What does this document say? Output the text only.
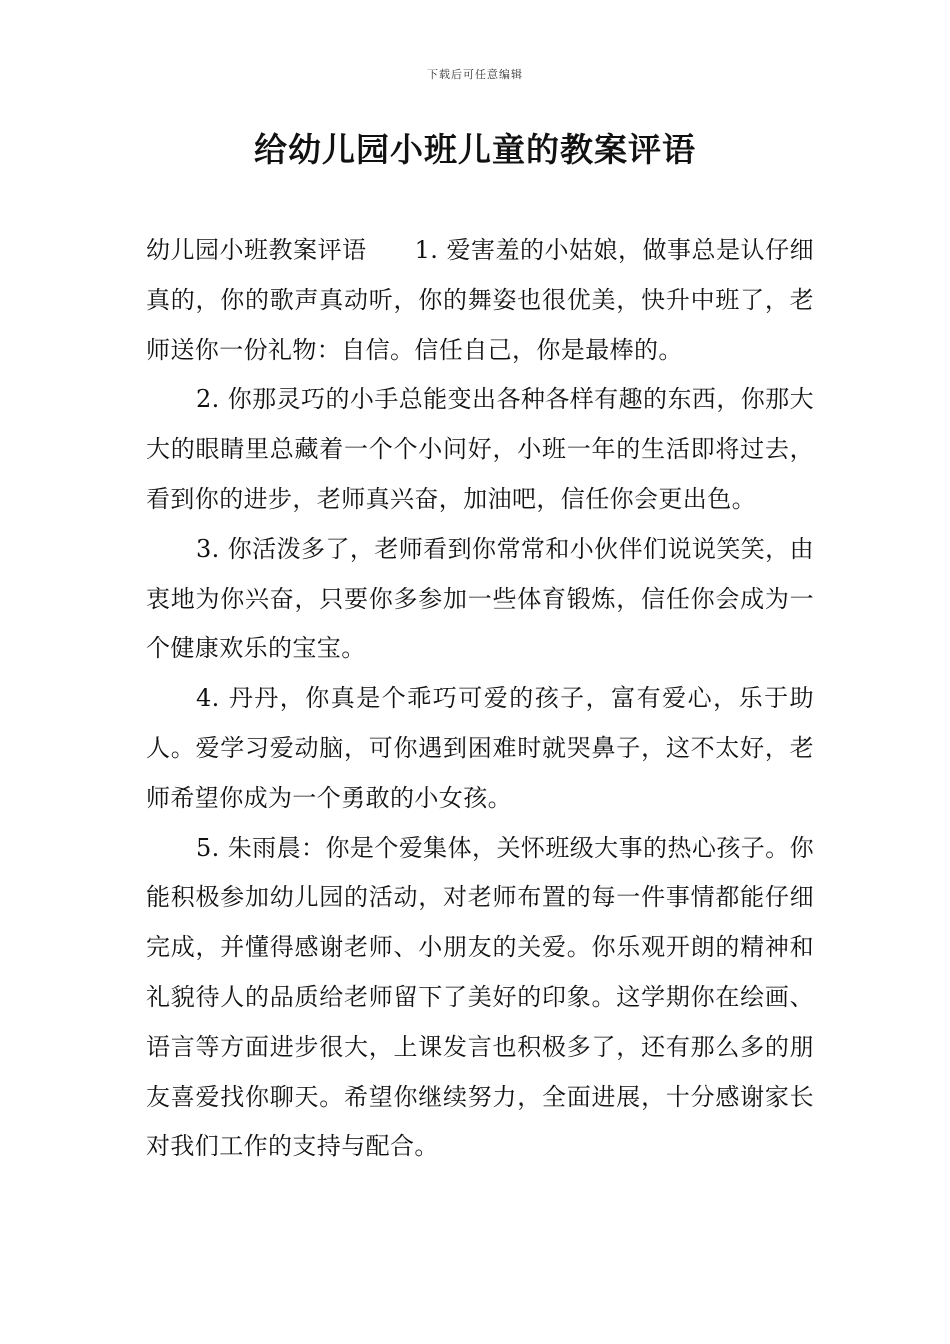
下载后可任意编辑
给幼儿园小班儿童的教案评语

幼儿园小班教案评语 1. 爱害羞的小姑娘，做事总是认仔细真的，你的歌声真动听，你的舞姿也很优美，快升中班了，老师送你一份礼物：自信。信任自己，你是最棒的。

2. 你那灵巧的小手总能变出各种各样有趣的东西，你那大大的眼睛里总藏着一个个小问好，小班一年的生活即将过去，看到你的进步，老师真兴奋，加油吧，信任你会更出色。

3. 你活泼多了，老师看到你常常和小伙伴们说说笑笑，由衷地为你兴奋，只要你多参加一些体育锻炼，信任你会成为一个健康欢乐的宝宝。

4. 丹丹，你真是个乖巧可爱的孩子，富有爱心，乐于助人。爱学习爱动脑，可你遇到困难时就哭鼻子，这不太好，老师希望你成为一个勇敢的小女孩。

5. 朱雨晨：你是个爱集体，关怀班级大事的热心孩子。你能积极参加幼儿园的活动，对老师布置的每一件事情都能仔细完成，并懂得感谢老师、小朋友的关爱。你乐观开朗的精神和礼貌待人的品质给老师留下了美好的印象。这学期你在绘画、语言等方面进步很大，上课发言也积极多了，还有那么多的朋友喜爱找你聊天。希望你继续努力，全面进展，十分感谢家长对我们工作的支持与配合。
